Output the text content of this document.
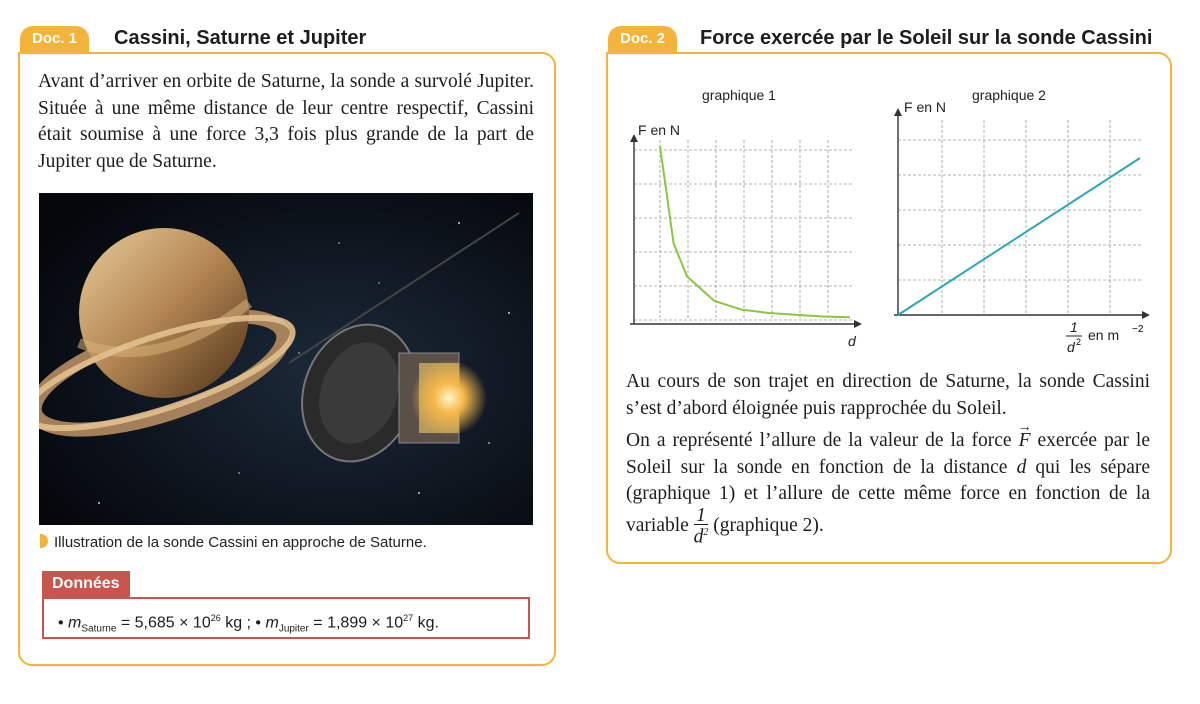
Doc. 1	Cassini, Saturne et Jupiter
Avant d’arriver en orbite de Saturne, la sonde a survolé Jupiter. Située à une même distance de leur centre respectif, Cassini était soumise à une force 3,3 fois plus grande de la part de Jupiter que de Saturne.
Illustration de la sonde Cassini en approche de Saturne.
Données
• $m_{Saturne} = 5,685 \times 10^{26}$ kg ; • $m_{Jupiter} = 1,899 \times 10^{27}$ kg.
Doc. 2	Force exercée par le Soleil sur la sonde Cassini
graphique 1
F en N
d
F en N
graphique 2
1
d 2 en m −2
Au cours de son trajet en direction de Saturne, la sonde Cassini s’est d’abord éloignée puis rapprochée du Soleil.
On a représenté l’allure de la valeur de la force → F exercée par le Soleil sur la sonde en fonction de la distance d qui les sépare (graphique 1) et l’allure de cette même force en fonction de la variable $\frac{1}{d^2}$ (graphique 2).
